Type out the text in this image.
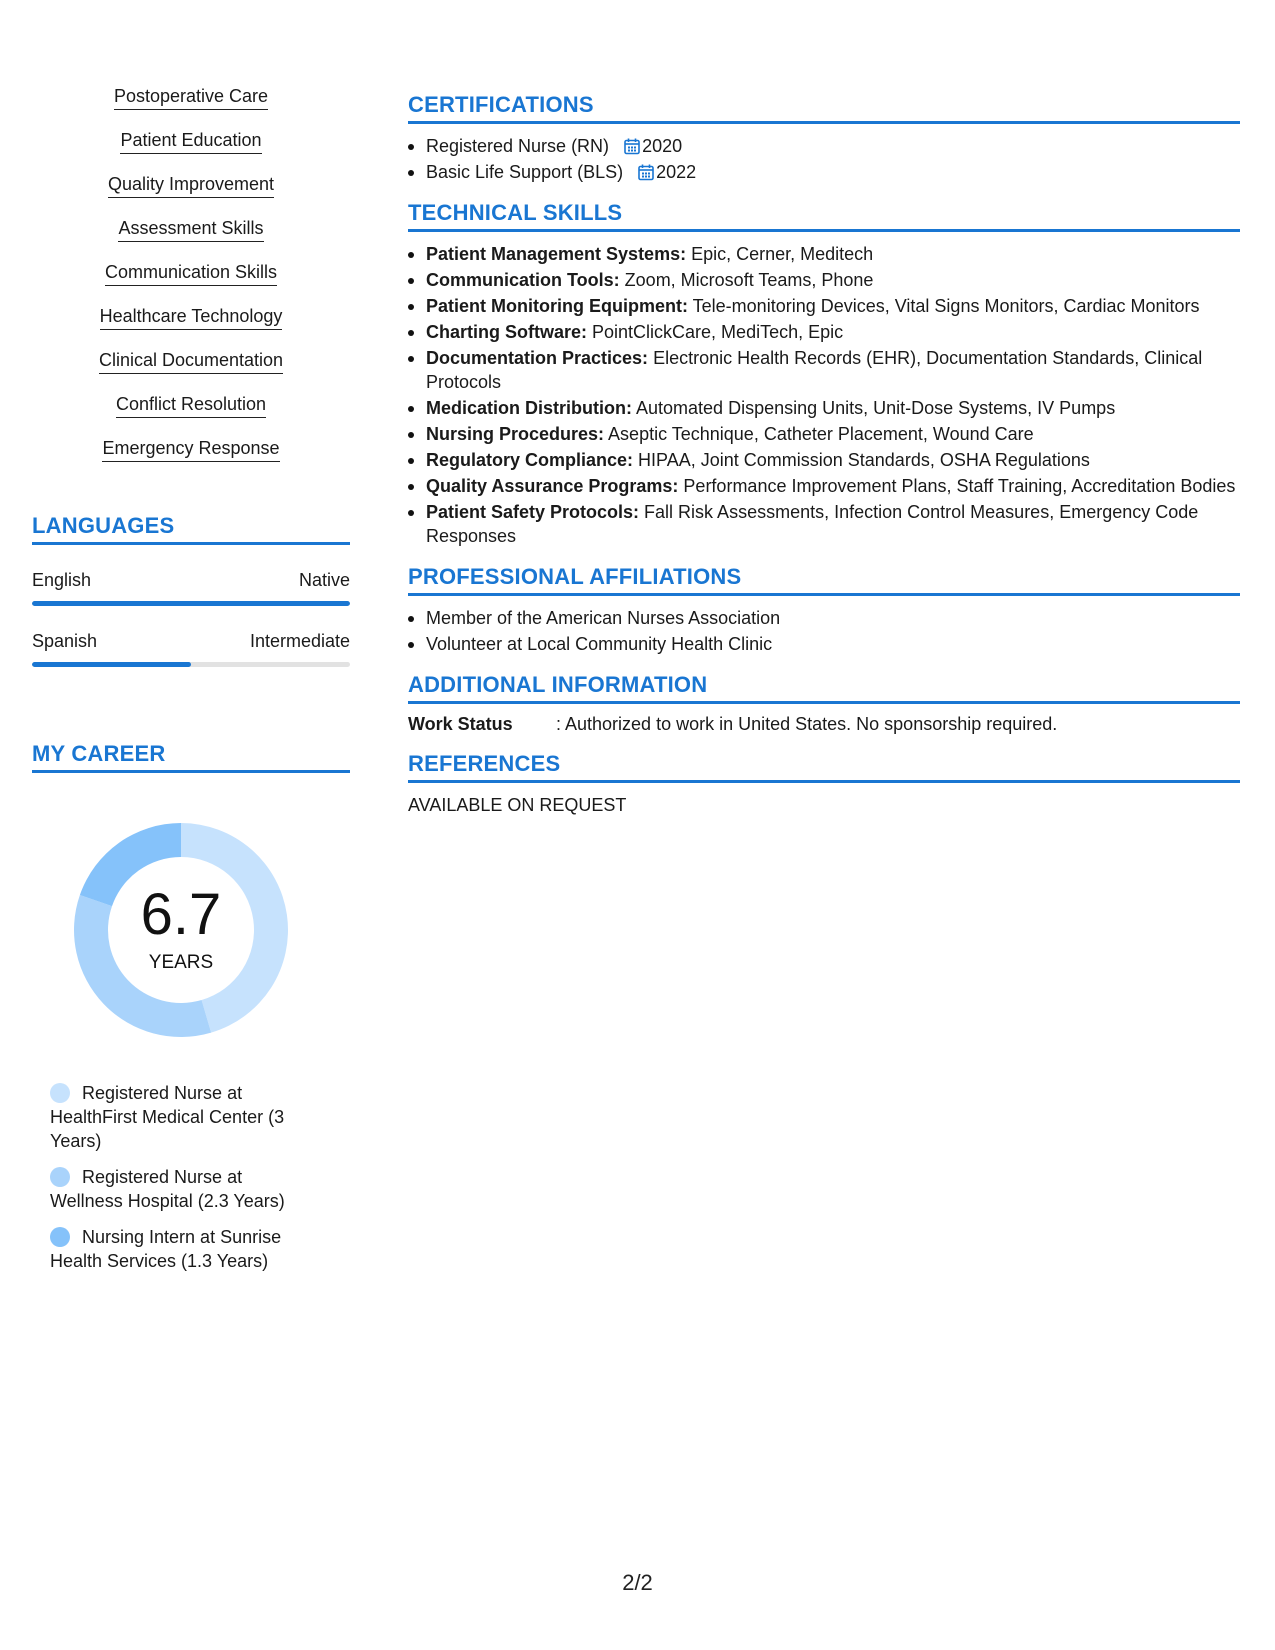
Postoperative Care
Patient Education
Quality Improvement
Assessment Skills
Communication Skills
Healthcare Technology
Clinical Documentation
Conflict Resolution
Emergency Response
LANGUAGES
English	Native
Spanish	Intermediate
MY CAREER
6.7
YEARS
Registered Nurse at HealthFirst Medical Center (3 Years)
Registered Nurse at Wellness Hospital (2.3 Years)
Nursing Intern at Sunrise Health Services (1.3 Years)
CERTIFICATIONS
Registered Nurse (RN) 2020
Basic Life Support (BLS) 2022
TECHNICAL SKILLS
Patient Management Systems: Epic, Cerner, Meditech
Communication Tools: Zoom, Microsoft Teams, Phone
Patient Monitoring Equipment: Tele-monitoring Devices, Vital Signs Monitors, Cardiac Monitors
Charting Software: PointClickCare, MediTech, Epic
Documentation Practices: Electronic Health Records (EHR), Documentation Standards, Clinical Protocols
Medication Distribution: Automated Dispensing Units, Unit-Dose Systems, IV Pumps
Nursing Procedures: Aseptic Technique, Catheter Placement, Wound Care
Regulatory Compliance: HIPAA, Joint Commission Standards, OSHA Regulations
Quality Assurance Programs: Performance Improvement Plans, Staff Training, Accreditation Bodies
Patient Safety Protocols: Fall Risk Assessments, Infection Control Measures, Emergency Code Responses
PROFESSIONAL AFFILIATIONS
Member of the American Nurses Association
Volunteer at Local Community Health Clinic
ADDITIONAL INFORMATION
Work Status	: Authorized to work in United States. No sponsorship required.
REFERENCES
AVAILABLE ON REQUEST
2/2
